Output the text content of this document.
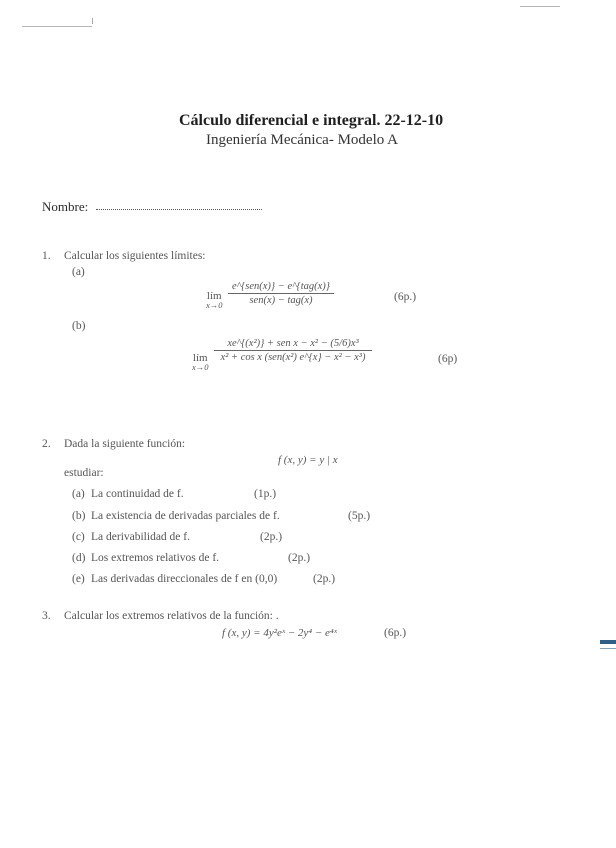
Cálculo diferencial e integral. 22-12-10
Ingeniería Mecánica- Modelo A
Nombre:
1. Calcular los siguientes límites:
(a)
lím
x→0
e^{sen(x)} − e^{tag(x)}
sen(x) − tag(x)	(6p.)
(b)
lím
x→0
xe^{(x²)} + sen x − x² − (5/6)x³
x² + cos x (sen(x²) e^{x} − x² − x³)	(6p)
2. Dada la siguiente función:
f (x, y) = y | x
estudiar:
(a) La continuidad de f.	(1p.)
(b) La existencia de derivadas parciales de f.	(5p.)
(c) La derivabilidad de f.	(2p.)
(d) Los extremos relativos de f.	(2p.)
(e) Las derivadas direccionales de f en (0,0)	(2p.)
3. Calcular los extremos relativos de la función: .
f (x, y) = 4y²eˣ − 2y⁴ − e⁴ˣ	(6p.)
